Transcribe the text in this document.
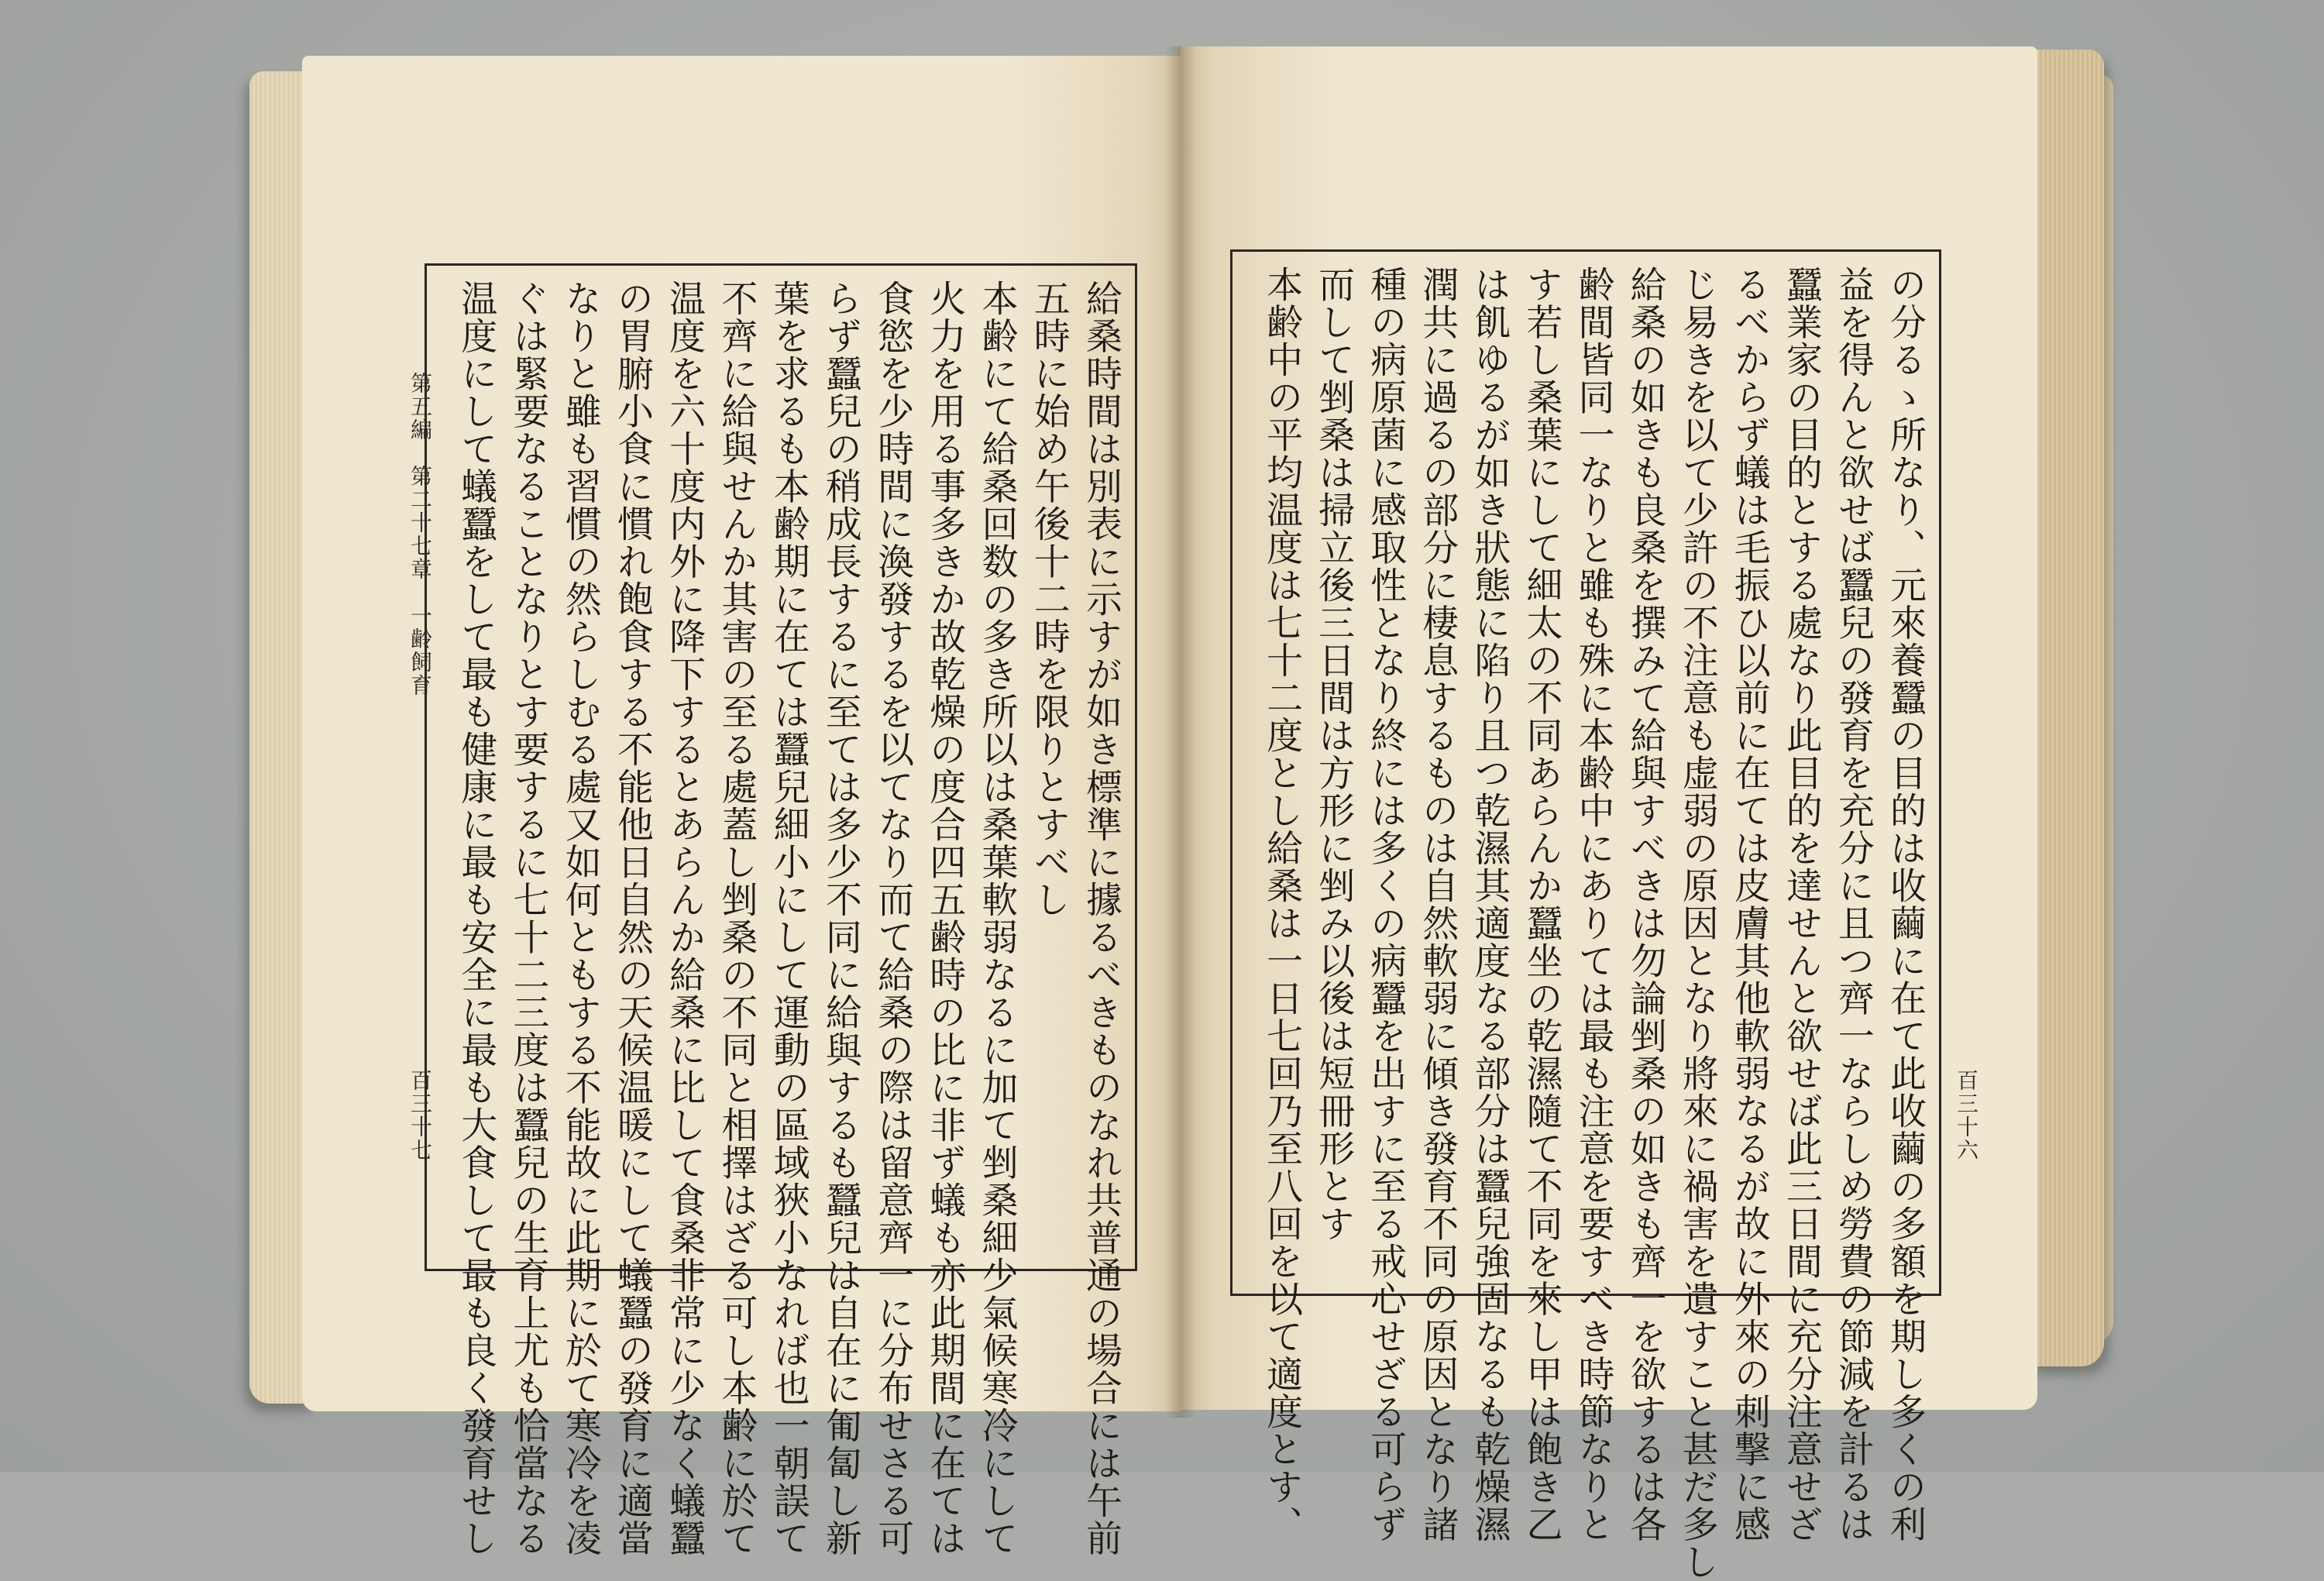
第五編　第二十七章　一齢飼育
百三十七	給桑時間は別表に示すが如き標準に據るべきものなれ共普通の場合には午前
五時に始め午後十二時を限りとすべし
本齢にて給桑回数の多き所以は桑葉軟弱なるに加て剉桑細少氣候寒冷にして
火力を用る事多きか故乾燥の度合四五齢時の比に非ず蟻も亦此期間に在ては
食慾を少時間に渙發するを以てなり而て給桑の際は留意齊一に分布せさる可
らず蠶兒の稍成長するに至ては多少不同に給與するも蠶兒は自在に匍匐し新
葉を求るも本齢期に在ては蠶兒細小にして運動の區域狹小なれば也一朝誤て
不齊に給與せんか其害の至る處蓋し剉桑の不同と相擇はざる可し本齢に於て
温度を六十度内外に降下するとあらんか給桑に比して食桑非常に少なく蟻蠶
の胃腑小食に慣れ飽食する不能他日自然の天候温暖にして蟻蠶の發育に適當
なりと雖も習慣の然らしむる處又如何ともする不能故に此期に於て寒冷を凌
ぐは緊要なることなりとす要するに七十二三度は蠶兒の生育上尤も恰當なる
温度にして蟻蠶をして最も健康に最も安全に最も大食して最も良く發育せし	百三十六
の分るゝ所なり、元來養蠶の目的は收繭に在て此收繭の多額を期し多くの利
益を得んと欲せば蠶兒の發育を充分に且つ齊一ならしめ勞費の節減を計るは
蠶業家の目的とする處なり此目的を達せんと欲せば此三日間に充分注意せざ
るべからず蟻は毛振ひ以前に在ては皮膚其他軟弱なるが故に外來の刺撃に感
じ易きを以て少許の不注意も虚弱の原因となり將來に禍害を遺すこと甚だ多し
給桑の如きも良桑を撰みて給與すべきは勿論剉桑の如きも齊一を欲するは各
齢間皆同一なりと雖も殊に本齢中にありては最も注意を要すべき時節なりと
す若し桑葉にして細太の不同あらんか蠶坐の乾濕隨て不同を來し甲は飽き乙
は飢ゆるが如き狀態に陷り且つ乾濕其適度なる部分は蠶兒強固なるも乾燥濕
潤共に過るの部分に棲息するものは自然軟弱に傾き發育不同の原因となり諸
種の病原菌に感取性となり終には多くの病蠶を出すに至る戒心せざる可らず
而して剉桑は掃立後三日間は方形に剉み以後は短冊形とす
本齢中の平均温度は七十二度とし給桑は一日七回乃至八回を以て適度とす、
